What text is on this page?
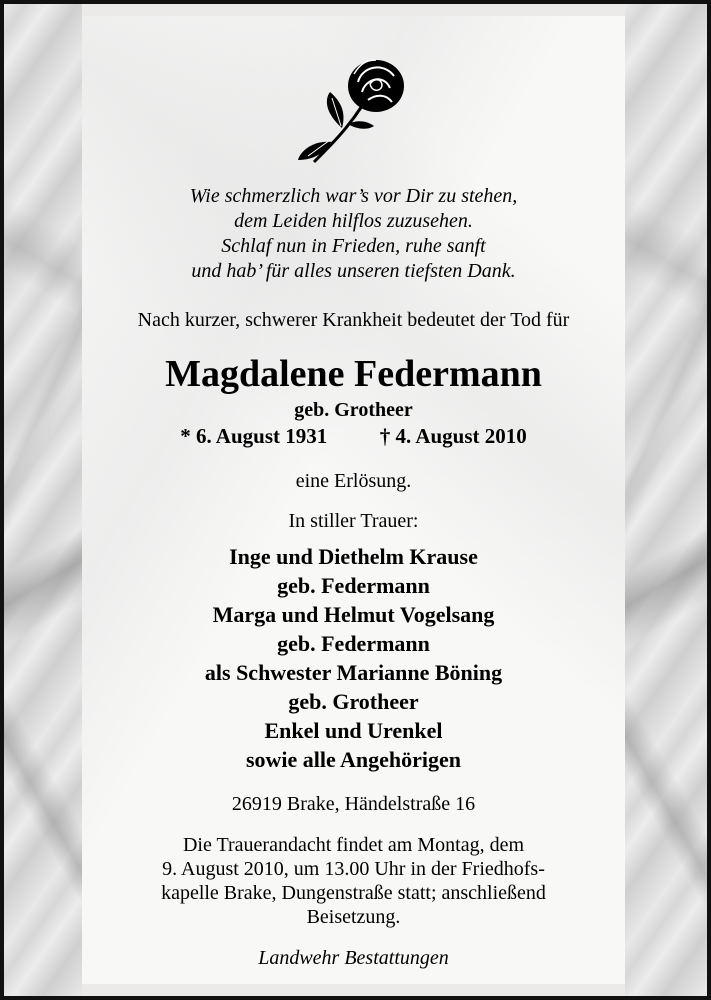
Wie schmerzlich war’s vor Dir zu stehen,
dem Leiden hilflos zuzusehen.
Schlaf nun in Frieden, ruhe sanft
und hab’ für alles unseren tiefsten Dank.
Nach kurzer, schwerer Krankheit bedeutet der Tod für
Magdalene Federmann
geb. Grotheer
* 6. August 1931	† 4. August 2010
eine Erlösung.
In stiller Trauer:
Inge und Diethelm Krause
geb. Federmann
Marga und Helmut Vogelsang
geb. Federmann
als Schwester Marianne Böning
geb. Grotheer
Enkel und Urenkel
sowie alle Angehörigen
26919 Brake, Händelstraße 16
Die Trauerandacht findet am Montag, dem
9. August 2010, um 13.00 Uhr in der Friedhofs-
kapelle Brake, Dungenstraße statt; anschließend
Beisetzung.
Landwehr Bestattungen
